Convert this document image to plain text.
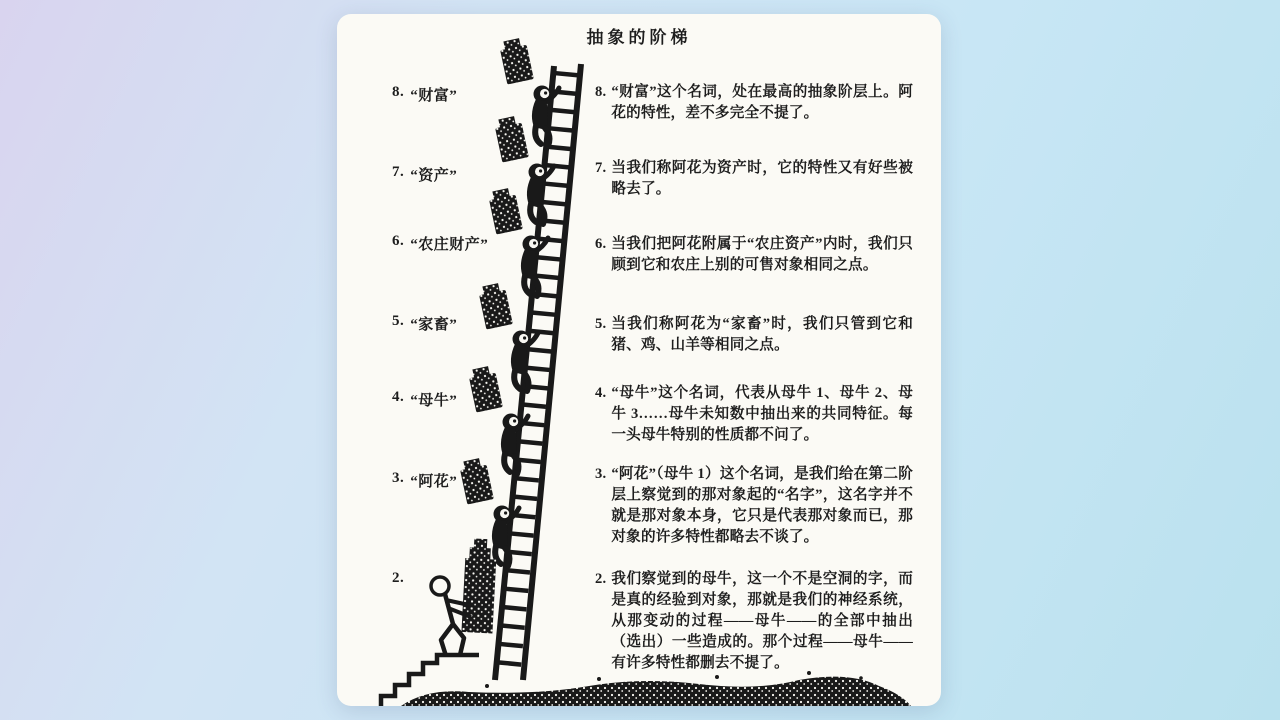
抽象的阶梯
8. “财富”
7. “资产”
6. “农庄财产”
5. “家畜”
4. “母牛”
3. “阿花”
2.
8. “财富”这个名词，处在最高的抽象阶层上。阿花的特性，差不多完全不提了。

7. 当我们称阿花为资产时，它的特性又有好些被略去了。

6. 当我们把阿花附属于“农庄资产”内时，我们只顾到它和农庄上别的可售对象相同之点。

5. 当我们称阿花为“家畜”时，我们只管到它和猪、鸡、山羊等相同之点。

4. “母牛”这个名词，代表从母牛 1、母牛 2、母牛 3……母牛未知数中抽出来的共同特征。每一头母牛特别的性质都不问了。

3. “阿花”（母牛 1）这个名词，是我们给在第二阶层上察觉到的那对象起的“名字”，这名字并不就是那对象本身，它只是代表那对象而已，那对象的许多特性都略去不谈了。

2. 我们察觉到的母牛，这一个不是空洞的字，而是真的经验到对象，那就是我们的神经系统，从那变动的过程——母牛——的全部中抽出（选出）一些造成的。那个过程——母牛——有许多特性都删去不提了。
